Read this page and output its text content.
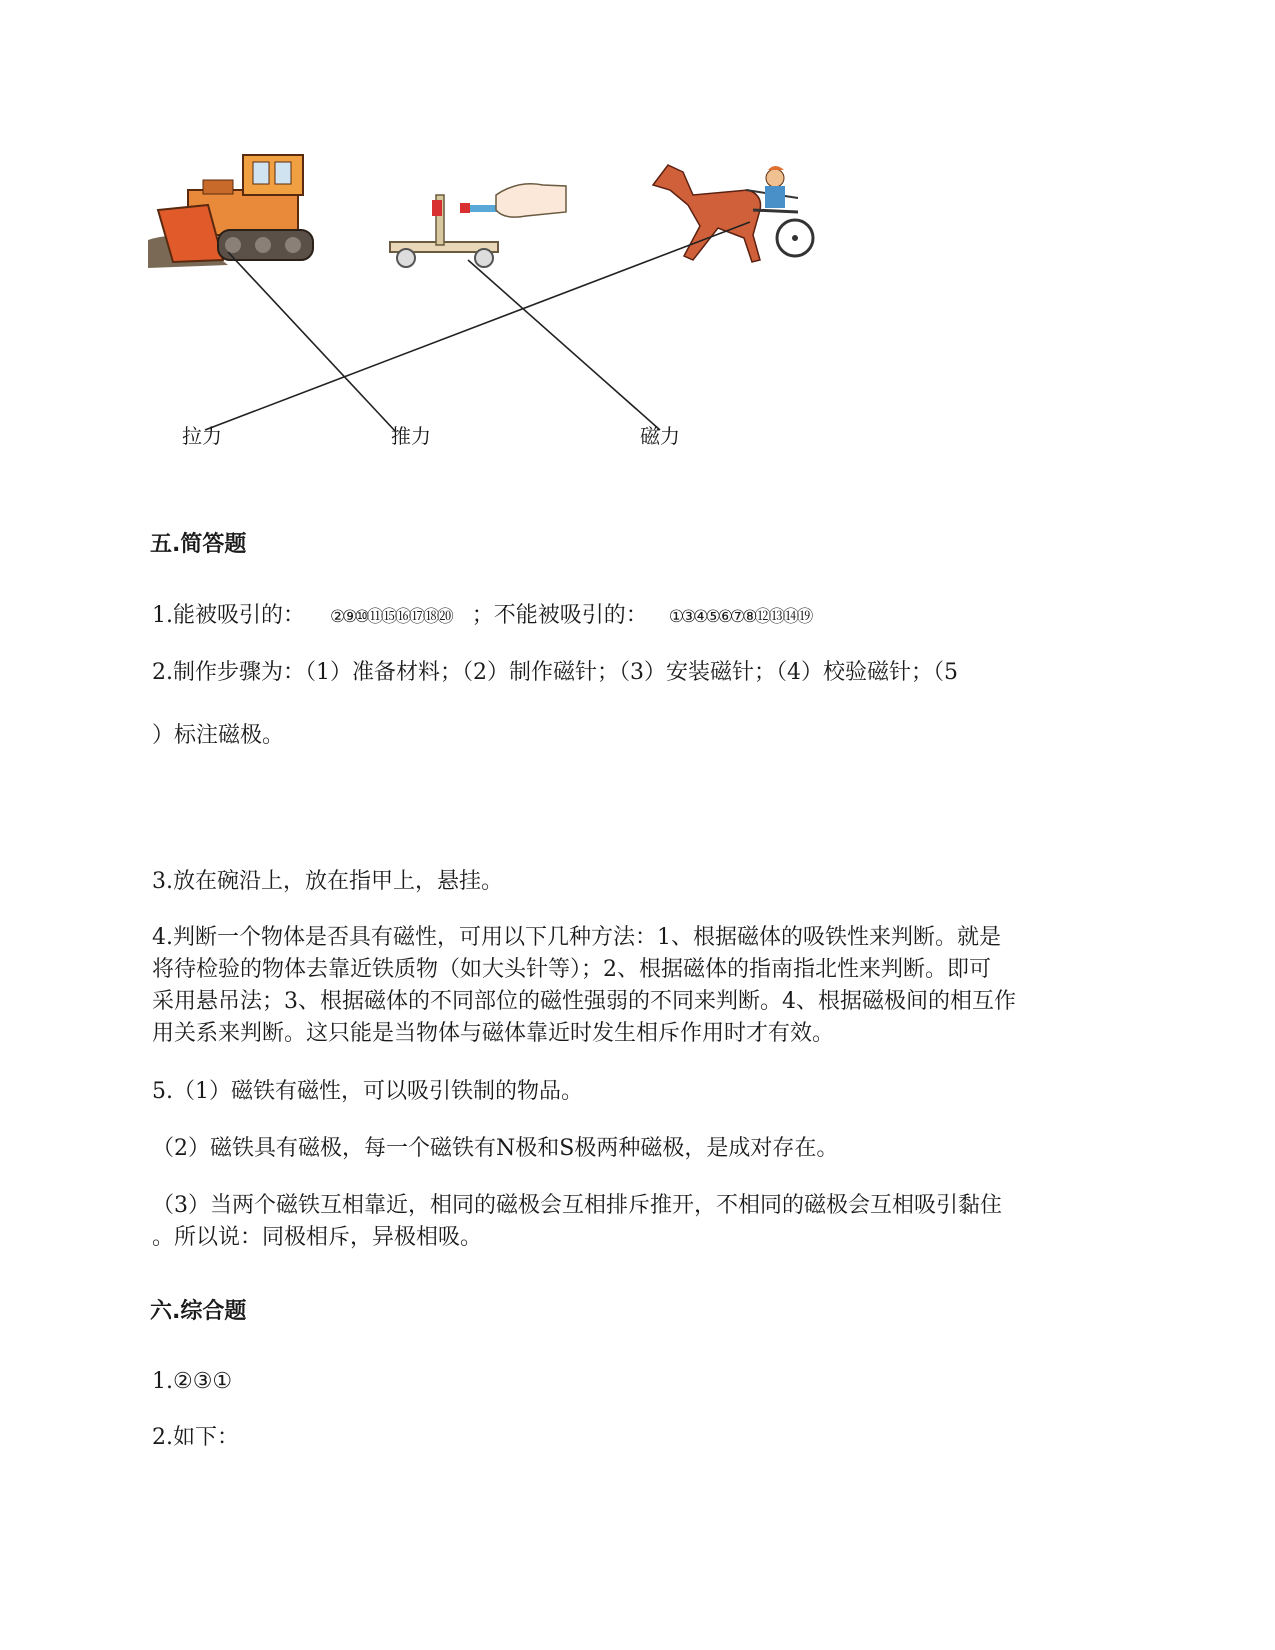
拉力	推力	磁力
五.简答题
1.能被吸引的： ②⑨⑩⑪⑮⑯⑰⑱⑳ ；不能被吸引的： ①③④⑤⑥⑦⑧⑫⑬⑭⑲
2.制作步骤为：（1）准备材料；（2）制作磁针；（3）安装磁针；（4）校验磁针；（5
）标注磁极。
3.放在碗沿上，放在指甲上，悬挂。
4.判断一个物体是否具有磁性，可用以下几种方法：1、根据磁体的吸铁性来判断。就是
将待检验的物体去靠近铁质物（如大头针等）；2、根据磁体的指南指北性来判断。即可
采用悬吊法；3、根据磁体的不同部位的磁性强弱的不同来判断。4、根据磁极间的相互作
用关系来判断。这只能是当物体与磁体靠近时发生相斥作用时才有效。
5.（1）磁铁有磁性，可以吸引铁制的物品。
（2）磁铁具有磁极，每一个磁铁有N极和S极两种磁极，是成对存在。
（3）当两个磁铁互相靠近，相同的磁极会互相排斥推开，不相同的磁极会互相吸引黏住
。所以说：同极相斥，异极相吸。
六.综合题
1.②③①
2.如下：
